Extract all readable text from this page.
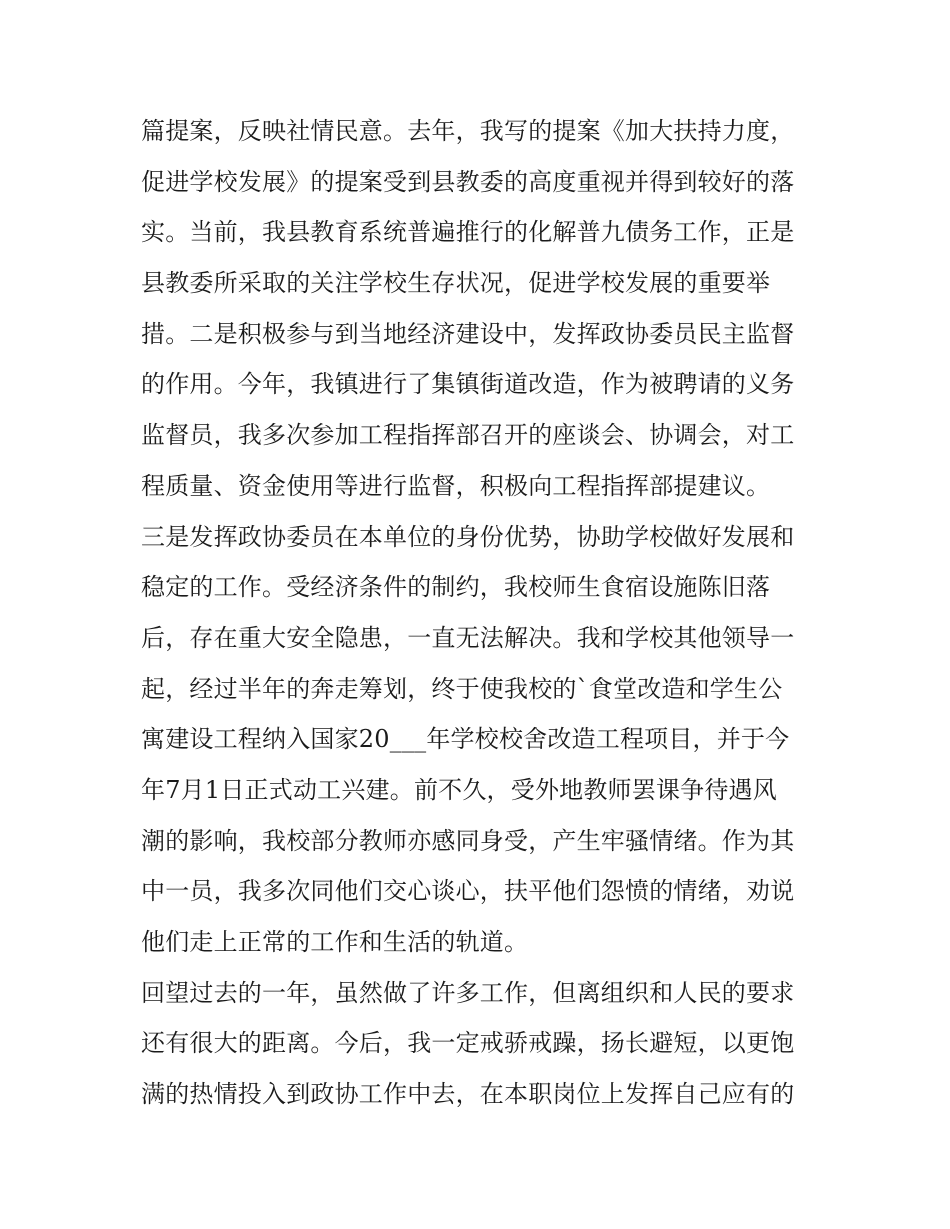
篇提案，反映社情民意。去年，我写的提案《加大扶持力度，
促进学校发展》的提案受到县教委的高度重视并得到较好的落
实。当前，我县教育系统普遍推行的化解普九债务工作，正是
县教委所采取的关注学校生存状况，促进学校发展的重要举
措。二是积极参与到当地经济建设中，发挥政协委员民主监督
的作用。今年，我镇进行了集镇街道改造，作为被聘请的义务
监督员，我多次参加工程指挥部召开的座谈会、协调会，对工
程质量、资金使用等进行监督，积极向工程指挥部提建议。
三是发挥政协委员在本单位的身份优势，协助学校做好发展和
稳定的工作。受经济条件的制约，我校师生食宿设施陈旧落
后，存在重大安全隐患，一直无法解决。我和学校其他领导一
起，经过半年的奔走筹划，终于使我校的`食堂改造和学生公
寓建设工程纳入国家20___年学校校舍改造工程项目，并于今
年7月1日正式动工兴建。前不久，受外地教师罢课争待遇风
潮的影响，我校部分教师亦感同身受，产生牢骚情绪。作为其
中一员，我多次同他们交心谈心，扶平他们怨愤的情绪，劝说
他们走上正常的工作和生活的轨道。
回望过去的一年，虽然做了许多工作，但离组织和人民的要求
还有很大的距离。今后，我一定戒骄戒躁，扬长避短，以更饱
满的热情投入到政协工作中去，在本职岗位上发挥自己应有的
